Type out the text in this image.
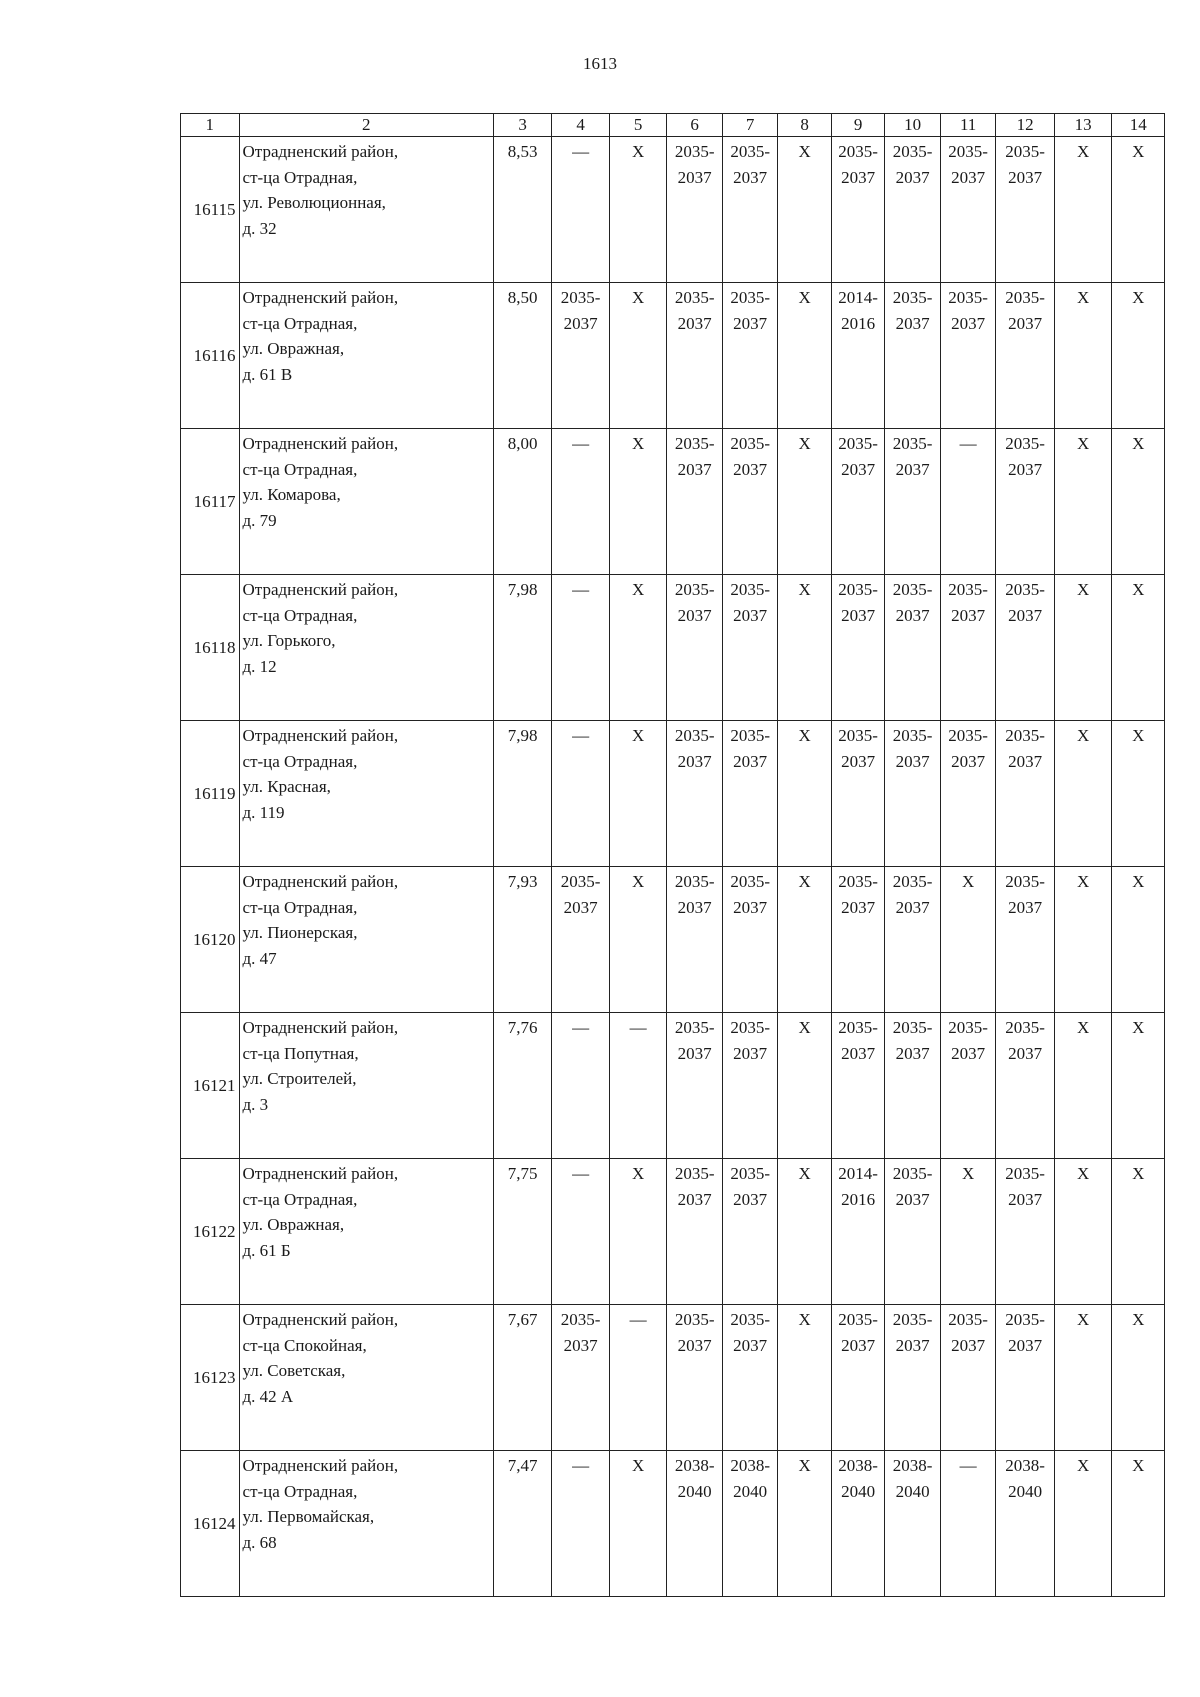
1613
1	2	3	4	5	6	7	8	9	10	11	12	13	14
16115	Отрадненский район,
ст-ца Отрадная,
ул. Революционная,
д. 32	8,53	—	X	2035-
2037	2035-
2037	X	2035-
2037	2035-
2037	2035-
2037	2035-
2037	X	X
16116	Отрадненский район,
ст-ца Отрадная,
ул. Овражная,
д. 61 В	8,50	2035-
2037	X	2035-
2037	2035-
2037	X	2014-
2016	2035-
2037	2035-
2037	2035-
2037	X	X
16117	Отрадненский район,
ст-ца Отрадная,
ул. Комарова,
д. 79	8,00	—	X	2035-
2037	2035-
2037	X	2035-
2037	2035-
2037	—	2035-
2037	X	X
16118	Отрадненский район,
ст-ца Отрадная,
ул. Горького,
д. 12	7,98	—	X	2035-
2037	2035-
2037	X	2035-
2037	2035-
2037	2035-
2037	2035-
2037	X	X
16119	Отрадненский район,
ст-ца Отрадная,
ул. Красная,
д. 119	7,98	—	X	2035-
2037	2035-
2037	X	2035-
2037	2035-
2037	2035-
2037	2035-
2037	X	X
16120	Отрадненский район,
ст-ца Отрадная,
ул. Пионерская,
д. 47	7,93	2035-
2037	X	2035-
2037	2035-
2037	X	2035-
2037	2035-
2037	X	2035-
2037	X	X
16121	Отрадненский район,
ст-ца Попутная,
ул. Строителей,
д. 3	7,76	—	—	2035-
2037	2035-
2037	X	2035-
2037	2035-
2037	2035-
2037	2035-
2037	X	X
16122	Отрадненский район,
ст-ца Отрадная,
ул. Овражная,
д. 61 Б	7,75	—	X	2035-
2037	2035-
2037	X	2014-
2016	2035-
2037	X	2035-
2037	X	X
16123	Отрадненский район,
ст-ца Спокойная,
ул. Советская,
д. 42 А	7,67	2035-
2037	—	2035-
2037	2035-
2037	X	2035-
2037	2035-
2037	2035-
2037	2035-
2037	X	X
16124	Отрадненский район,
ст-ца Отрадная,
ул. Первомайская,
д. 68	7,47	—	X	2038-
2040	2038-
2040	X	2038-
2040	2038-
2040	—	2038-
2040	X	X
